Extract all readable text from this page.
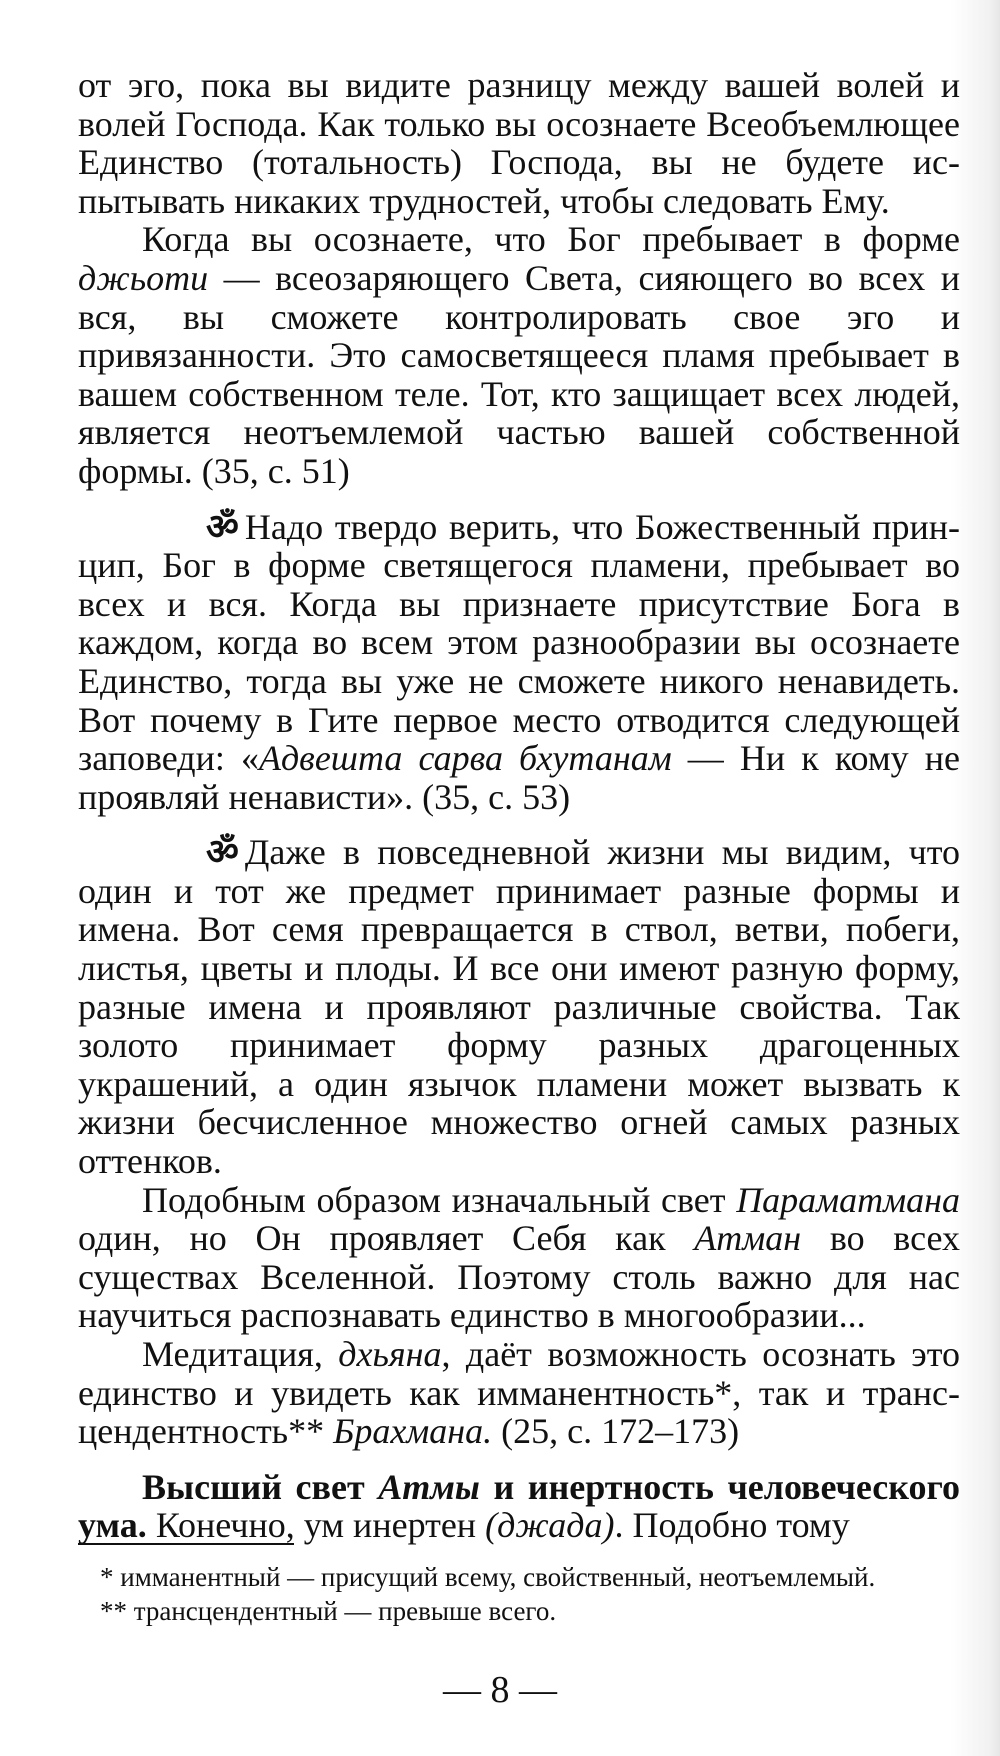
от эго, пока вы видите разницу между вашей волей и волей Господа. Как только вы осознаете Всеобъемлющее Единство (тотальность) Господа, вы не будете испытывать никаких трудностей, чтобы следовать Ему.

Когда вы осознаете, что Бог пребывает в форме джьоти — всеозаряющего Света, сияющего во всех и вся, вы сможете контролировать свое эго и привязанности. Это самосветящееся пламя пребывает в вашем собственном теле. Тот, кто защищает всех людей, является неотъемлемой частью вашей собственной формы. (35, с. 51)

ॐ Надо твердо верить, что Божественный принцип, Бог в форме светящегося пламени, пребывает во всех и вся. Когда вы признаете присутствие Бога в каждом, когда во всем этом разнообразии вы осознаете Единство, тогда вы уже не сможете никого ненавидеть. Вот почему в Гите первое место отводится следующей заповеди: «Адвешта сарва бхутанам — Ни к кому не проявляй ненависти». (35, с. 53)

ॐ Даже в повседневной жизни мы видим, что один и тот же предмет принимает разные формы и имена. Вот семя превращается в ствол, ветви, побеги, листья, цветы и плоды. И все они имеют разную форму, разные имена и проявляют различные свойства. Так золото принимает форму разных драгоценных украшений, а один язычок пламени может вызвать к жизни бесчисленное множество огней самых разных оттенков.

Подобным образом изначальный свет Параматмана один, но Он проявляет Себя как Атман во всех существах Вселенной. Поэтому столь важно для нас научиться распознавать единство в многообразии...

Медитация, дхьяна, даёт возможность осознать это единство и увидеть как имманентность*, так и трансцендентность** Брахмана. (25, с. 172–173)

Высший свет Атмы и инертность человеческого ума. Конечно, ум инертен (джада). Подобно тому

* имманентный — присущий всему, свойственный, неотъемлемый.

** трансцендентный — превыше всего.

— 8 —
